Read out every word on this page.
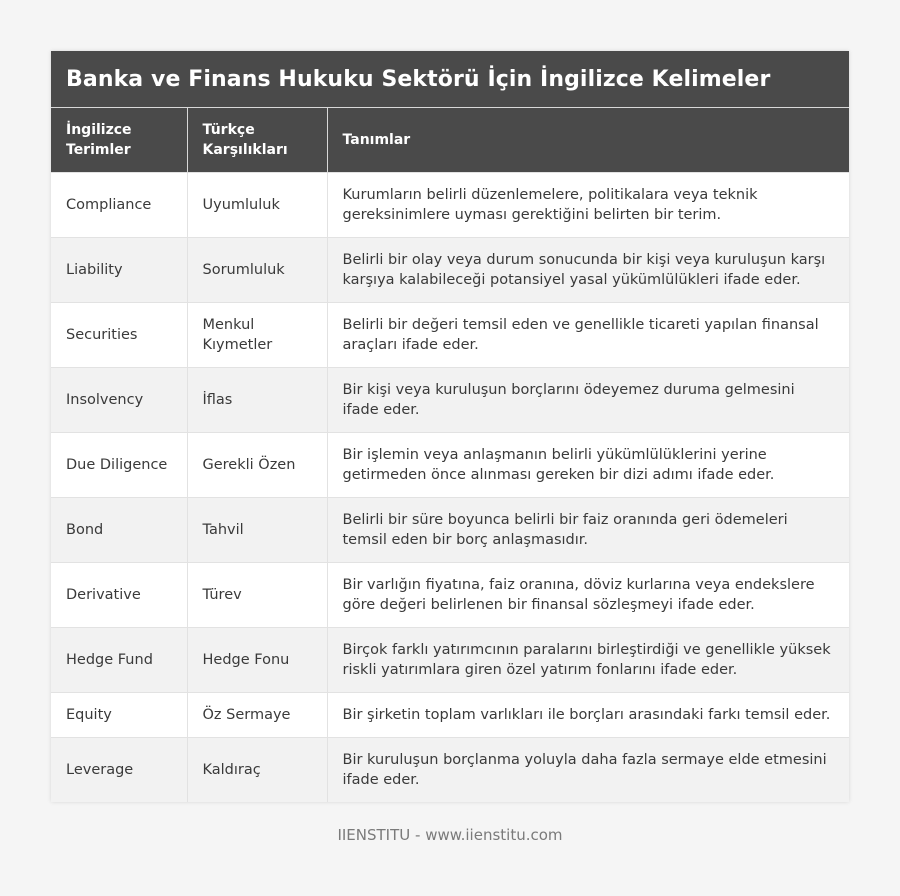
Banka ve Finans Hukuku Sektörü İçin İngilizce Kelimeler
İngilizce Terimler	Türkçe Karşılıkları	Tanımlar
Compliance	Uyumluluk	Kurumların belirli düzenlemelere, politikalara veya teknik gereksinimlere uyması gerektiğini belirten bir terim.
Liability	Sorumluluk	Belirli bir olay veya durum sonucunda bir kişi veya kuruluşun karşı karşıya kalabileceği potansiyel yasal yükümlülükleri ifade eder.
Securities	Menkul Kıymetler	Belirli bir değeri temsil eden ve genellikle ticareti yapılan finansal araçları ifade eder.
Insolvency	İflas	Bir kişi veya kuruluşun borçlarını ödeyemez duruma gelmesini ifade eder.
Due Diligence	Gerekli Özen	Bir işlemin veya anlaşmanın belirli yükümlülüklerini yerine getirmeden önce alınması gereken bir dizi adımı ifade eder.
Bond	Tahvil	Belirli bir süre boyunca belirli bir faiz oranında geri ödemeleri temsil eden bir borç anlaşmasıdır.
Derivative	Türev	Bir varlığın fiyatına, faiz oranına, döviz kurlarına veya endekslere göre değeri belirlenen bir finansal sözleşmeyi ifade eder.
Hedge Fund	Hedge Fonu	Birçok farklı yatırımcının paralarını birleştirdiği ve genellikle yüksek riskli yatırımlara giren özel yatırım fonlarını ifade eder.
Equity	Öz Sermaye	Bir şirketin toplam varlıkları ile borçları arasındaki farkı temsil eder.
Leverage	Kaldıraç	Bir kuruluşun borçlanma yoluyla daha fazla sermaye elde etmesini ifade eder.
IIENSTITU - www.iienstitu.com
